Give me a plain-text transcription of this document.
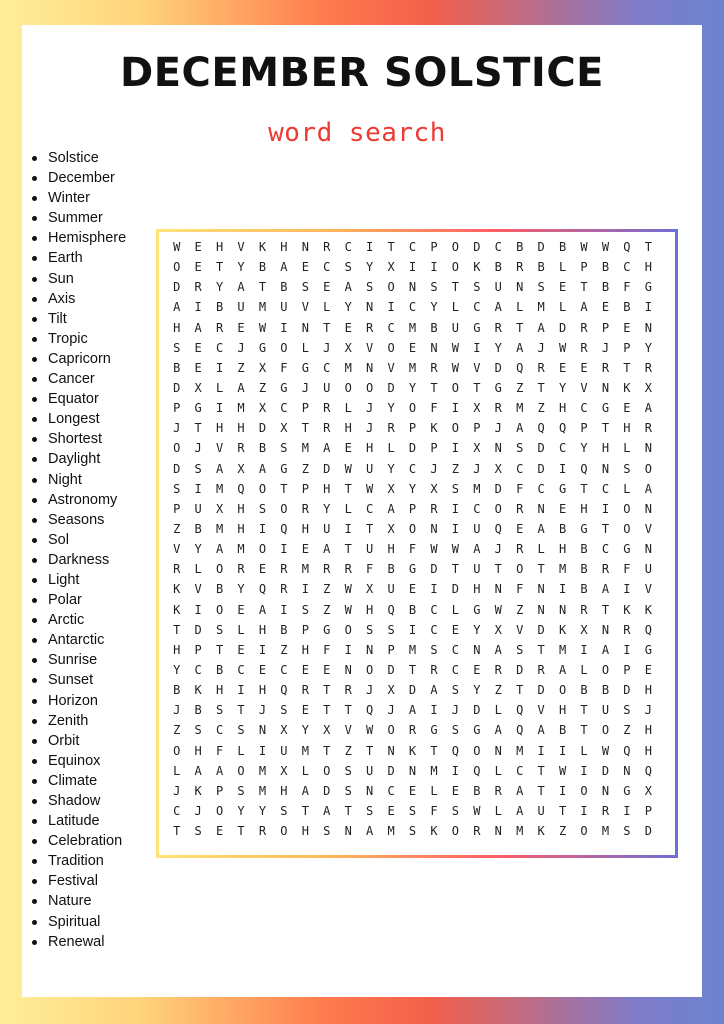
DECEMBER SOLSTICE
word search
Solstice
December
Winter
Summer
Hemisphere
Earth
Sun
Axis
Tilt
Tropic
Capricorn
Cancer
Equator
Longest
Shortest
Daylight
Night
Astronomy
Seasons
Sol
Darkness
Light
Polar
Arctic
Antarctic
Sunrise
Sunset
Horizon
Zenith
Orbit
Equinox
Climate
Shadow
Latitude
Celebration
Tradition
Festival
Nature
Spiritual
Renewal
W	E	H	V	K	H	N	R	C	I	T	C	P	O	D	C	B	D	B	W	W	Q	T
O	E	T	Y	B	A	E	C	S	Y	X	I	I	O	K	B	R	B	L	P	B	C	H
D	R	Y	A	T	B	S	E	A	S	O	N	S	T	S	U	N	S	E	T	B	F	G
A	I	B	U	M	U	V	L	Y	N	I	C	Y	L	C	A	L	M	L	A	E	B	I
H	A	R	E	W	I	N	T	E	R	C	M	B	U	G	R	T	A	D	R	P	E	N
S	E	C	J	G	O	L	J	X	V	O	E	N	W	I	Y	A	J	W	R	J	P	Y
B	E	I	Z	X	F	G	C	M	N	V	M	R	W	V	D	Q	R	E	E	R	T	R
D	X	L	A	Z	G	J	U	O	O	D	Y	T	O	T	G	Z	T	Y	V	N	K	X
P	G	I	M	X	C	P	R	L	J	Y	O	F	I	X	R	M	Z	H	C	G	E	A
J	T	H	H	D	X	T	R	H	J	R	P	K	O	P	J	A	Q	Q	P	T	H	R
O	J	V	R	B	S	M	A	E	H	L	D	P	I	X	N	S	D	C	Y	H	L	N
D	S	A	X	A	G	Z	D	W	U	Y	C	J	Z	J	X	C	D	I	Q	N	S	O
S	I	M	Q	O	T	P	H	T	W	X	Y	X	S	M	D	F	C	G	T	C	L	A
P	U	X	H	S	O	R	Y	L	C	A	P	R	I	C	O	R	N	E	H	I	O	N
Z	B	M	H	I	Q	H	U	I	T	X	O	N	I	U	Q	E	A	B	G	T	O	V
V	Y	A	M	O	I	E	A	T	U	H	F	W	W	A	J	R	L	H	B	C	G	N
R	L	O	R	E	R	M	R	R	F	B	G	D	T	U	T	O	T	M	B	R	F	U
K	V	B	Y	Q	R	I	Z	W	X	U	E	I	D	H	N	F	N	I	B	A	I	V
K	I	O	E	A	I	S	Z	W	H	Q	B	C	L	G	W	Z	N	N	R	T	K	K
T	D	S	L	H	B	P	G	O	S	S	I	C	E	Y	X	V	D	K	X	N	R	Q
H	P	T	E	I	Z	H	F	I	N	P	M	S	C	N	A	S	T	M	I	A	I	G
Y	C	B	C	E	C	E	E	N	O	D	T	R	C	E	R	D	R	A	L	O	P	E
B	K	H	I	H	Q	R	T	R	J	X	D	A	S	Y	Z	T	D	O	B	B	D	H
J	B	S	T	J	S	E	T	T	Q	J	A	I	J	D	L	Q	V	H	T	U	S	J
Z	S	C	S	N	X	Y	X	V	W	O	R	G	S	G	A	Q	A	B	T	O	Z	H
O	H	F	L	I	U	M	T	Z	T	N	K	T	Q	O	N	M	I	I	L	W	Q	H
L	A	A	O	M	X	L	O	S	U	D	N	M	I	Q	L	C	T	W	I	D	N	Q
J	K	P	S	M	H	A	D	S	N	C	E	L	E	B	R	A	T	I	O	N	G	X
C	J	O	Y	Y	S	T	A	T	S	E	S	F	S	W	L	A	U	T	I	R	I	P
T	S	E	T	R	O	H	S	N	A	M	S	K	O	R	N	M	K	Z	O	M	S	D
